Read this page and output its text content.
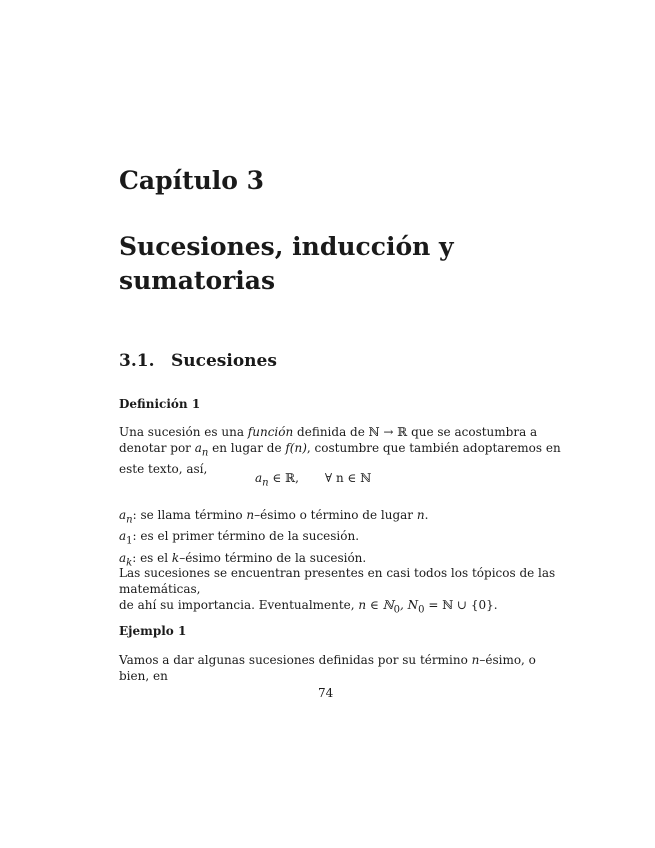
Capítulo 3
Sucesiones, inducción y
sumatorias
3.1. Sucesiones
Definición 1
Una sucesión es una función definida de ℕ → ℝ que se acostumbra a denotar por $a_n$ en lugar de f(n), costumbre que también adoptaremos en este texto, así,
$a_n$ ∈ ℝ, ∀ n ∈ ℕ
$a_n$: se llama término n–ésimo o término de lugar n.
$a_1$: es el primer término de la sucesión.
$a_k$: es el k–ésimo término de la sucesión.
Las sucesiones se encuentran presentes en casi todos los tópicos de las matemáticas,
de ahí su importancia. Eventualmente, n ∈ ℕ$_0$, $N_0$ = ℕ ∪ {0}.
Ejemplo 1
Vamos a dar algunas sucesiones definidas por su término n–ésimo, o bien, en
74
